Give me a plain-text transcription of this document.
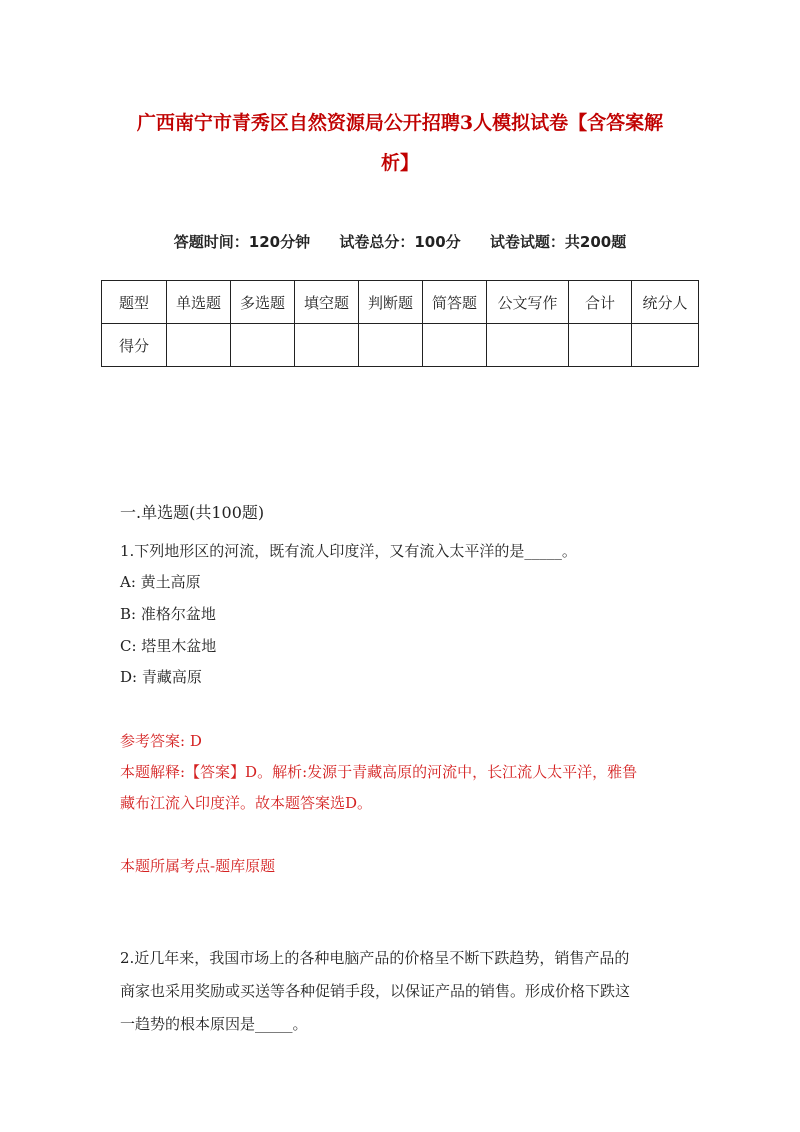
广西南宁市青秀区自然资源局公开招聘3人模拟试卷【含答案解
析】
答题时间：120分钟 试卷总分：100分 试卷试题：共200题
题型	单选题	多选题	填空题	判断题	简答题	公文写作	合计	统分人
得分								
一.单选题(共100题)
1.下列地形区的河流，既有流人印度洋，又有流入太平洋的是_____。
A: 黄土高原
B: 准格尔盆地
C: 塔里木盆地
D: 青藏高原
参考答案: D
本题解释:【答案】D。解析:发源于青藏高原的河流中，长江流人太平洋，雅鲁
藏布江流入印度洋。故本题答案选D。
本题所属考点-题库原题
2.近几年来，我国市场上的各种电脑产品的价格呈不断下跌趋势，销售产品的
商家也采用奖励或买送等各种促销手段，以保证产品的销售。形成价格下跌这
一趋势的根本原因是_____。
